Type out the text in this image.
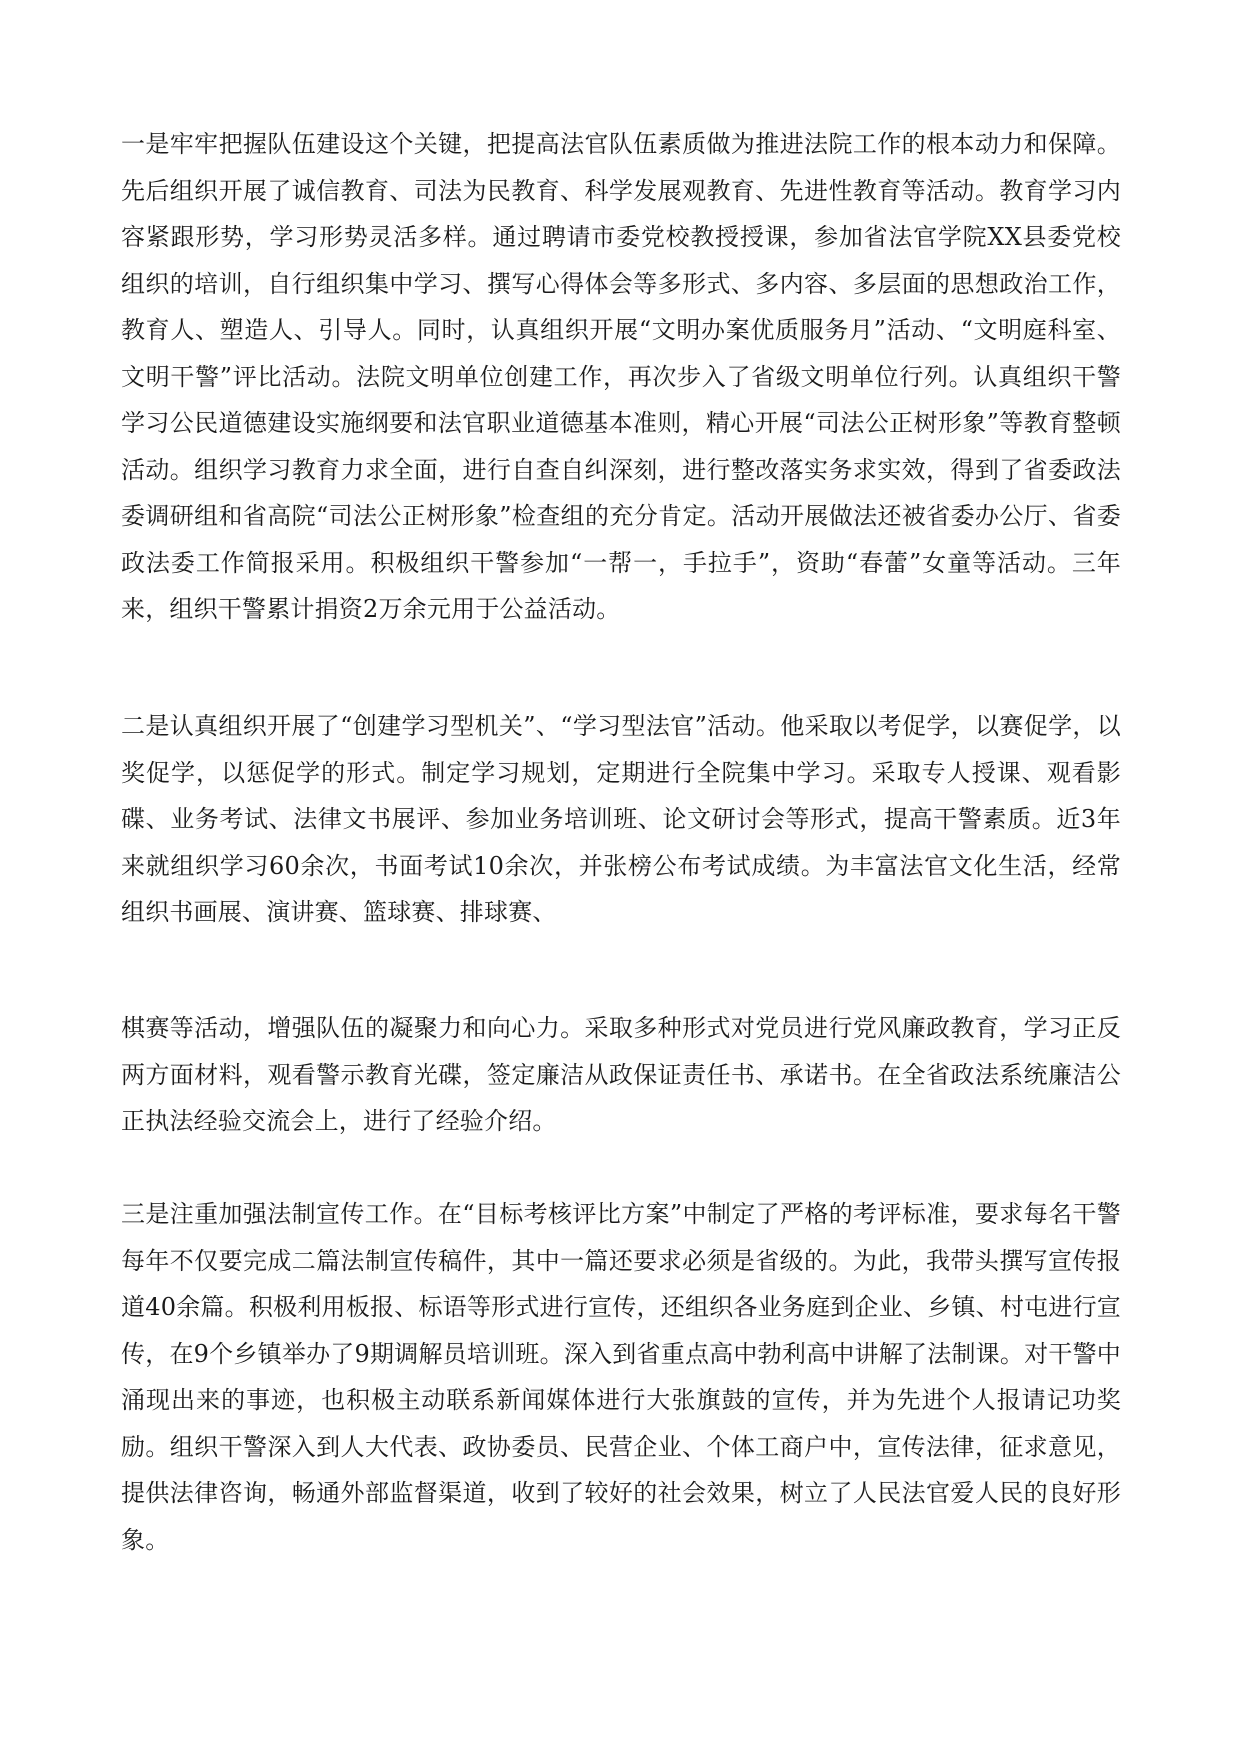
一是牢牢把握队伍建设这个关键，把提高法官队伍素质做为推进法院工作的根本动力和保障。先后组织开展了诚信教育、司法为民教育、科学发展观教育、先进性教育等活动。教育学习内容紧跟形势，学习形势灵活多样。通过聘请市委党校教授授课，参加省法官学院XX县委党校组织的培训，自行组织集中学习、撰写心得体会等多形式、多内容、多层面的思想政治工作，教育人、塑造人、引导人。同时，认真组织开展“文明办案优质服务月”活动、“文明庭科室、文明干警”评比活动。法院文明单位创建工作，再次步入了省级文明单位行列。认真组织干警学习公民道德建设实施纲要和法官职业道德基本准则，精心开展“司法公正树形象”等教育整顿活动。组织学习教育力求全面，进行自查自纠深刻，进行整改落实务求实效，得到了省委政法委调研组和省高院“司法公正树形象”检查组的充分肯定。活动开展做法还被省委办公厅、省委政法委工作简报采用。积极组织干警参加“一帮一，手拉手”，资助“春蕾”女童等活动。三年来，组织干警累计捐资2万余元用于公益活动。

二是认真组织开展了“创建学习型机关”、“学习型法官”活动。他采取以考促学，以赛促学，以奖促学，以惩促学的形式。制定学习规划，定期进行全院集中学习。采取专人授课、观看影碟、业务考试、法律文书展评、参加业务培训班、论文研讨会等形式，提高干警素质。近3年来就组织学习60余次，书面考试10余次，并张榜公布考试成绩。为丰富法官文化生活，经常组织书画展、演讲赛、篮球赛、排球赛、

棋赛等活动，增强队伍的凝聚力和向心力。采取多种形式对党员进行党风廉政教育，学习正反两方面材料，观看警示教育光碟，签定廉洁从政保证责任书、承诺书。在全省政法系统廉洁公正执法经验交流会上，进行了经验介绍。

三是注重加强法制宣传工作。在“目标考核评比方案”中制定了严格的考评标准，要求每名干警每年不仅要完成二篇法制宣传稿件，其中一篇还要求必须是省级的。为此，我带头撰写宣传报道40余篇。积极利用板报、标语等形式进行宣传，还组织各业务庭到企业、乡镇、村屯进行宣传，在9个乡镇举办了9期调解员培训班。深入到省重点高中勃利高中讲解了法制课。对干警中涌现出来的事迹，也积极主动联系新闻媒体进行大张旗鼓的宣传，并为先进个人报请记功奖励。组织干警深入到人大代表、政协委员、民营企业、个体工商户中，宣传法律，征求意见，提供法律咨询，畅通外部监督渠道，收到了较好的社会效果，树立了人民法官爱人民的良好形象。
